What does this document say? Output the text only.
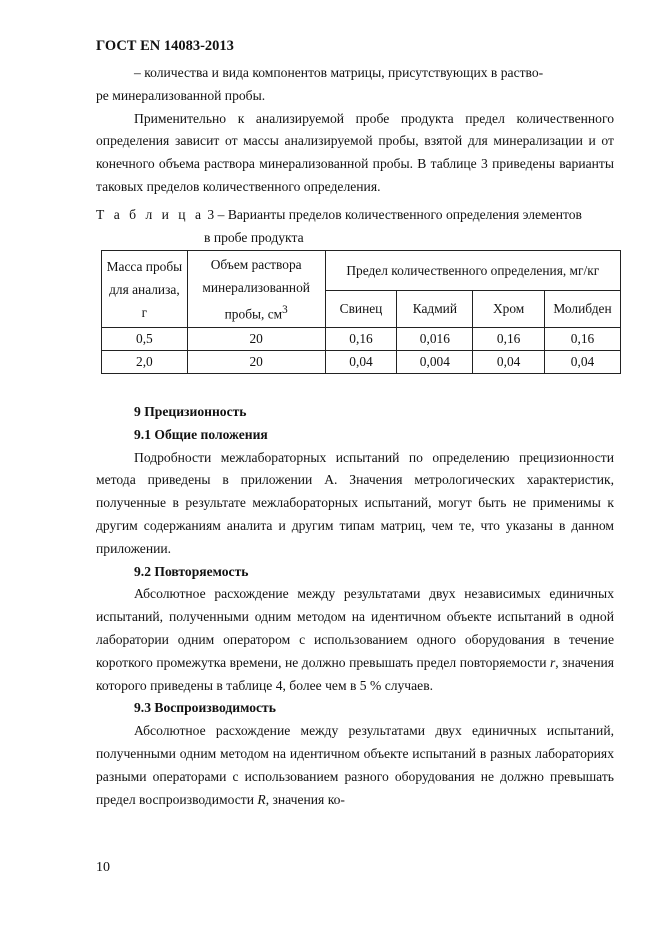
ГОСТ EN 14083-2013

– количества и вида компонентов матрицы, присутствующих в раство-

ре минерализованной пробы.

Применительно к анализируемой пробе продукта предел количественного определения зависит от массы анализируемой пробы, взятой для минерализации и от конечного объема раствора минерализованной пробы. В таблице 3 приведены варианты таковых пределов количественного определения.

Т а б л и ц а 3 – Варианты пределов количественного определения элементов
в пробе продукта
Масса пробы для анализа, г	Объем раствора минерализованной пробы, $см^3$	Предел количественного определения, мг/кг			
		Свинец	Кадмий	Хром	Молибден
0,5	20	0,16	0,016	0,16	0,16
2,0	20	0,04	0,004	0,04	0,04

9 Прецизионность

9.1 Общие положения

Подробности межлабораторных испытаний по определению прецизионности метода приведены в приложении А. Значения метрологических характеристик, полученные в результате межлабораторных испытаний, могут быть не применимы к другим содержаниям аналита и другим типам матриц, чем те, что указаны в данном приложении.

9.2 Повторяемость

Абсолютное расхождение между результатами двух независимых единичных испытаний, полученными одним методом на идентичном объекте испытаний в одной лаборатории одним оператором с использованием одного оборудования в течение короткого промежутка времени, не должно превышать предел повторяемости r, значения которого приведены в таблице 4, более чем в 5 % случаев.

9.3 Воспроизводимость

Абсолютное расхождение между результатами двух единичных испытаний, полученными одним методом на идентичном объекте испытаний в разных лабораториях разными операторами с использованием разного оборудования не должно превышать предел воспроизводимости R, значения ко-

10
